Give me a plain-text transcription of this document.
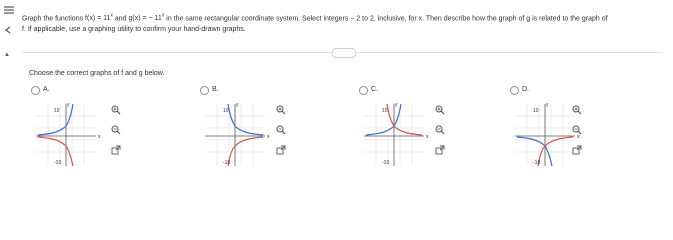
Graph the functions $f(x) = 11^x$ and g(x) = − $11^x$ in the same rectangular coordinate system. Select integers − 2 to 2, inclusive, for x. Then describe how the graph of g is related to the graph of
f. If applicable, use a graphing utility to confirm your hand-drawn graphs.
▲	····
Choose the correct graphs of f and g below.
A.
y
10
x
-10
B.
y
10
x
-10
C.
y
10
x
-10
D.
y
10
x
-10
